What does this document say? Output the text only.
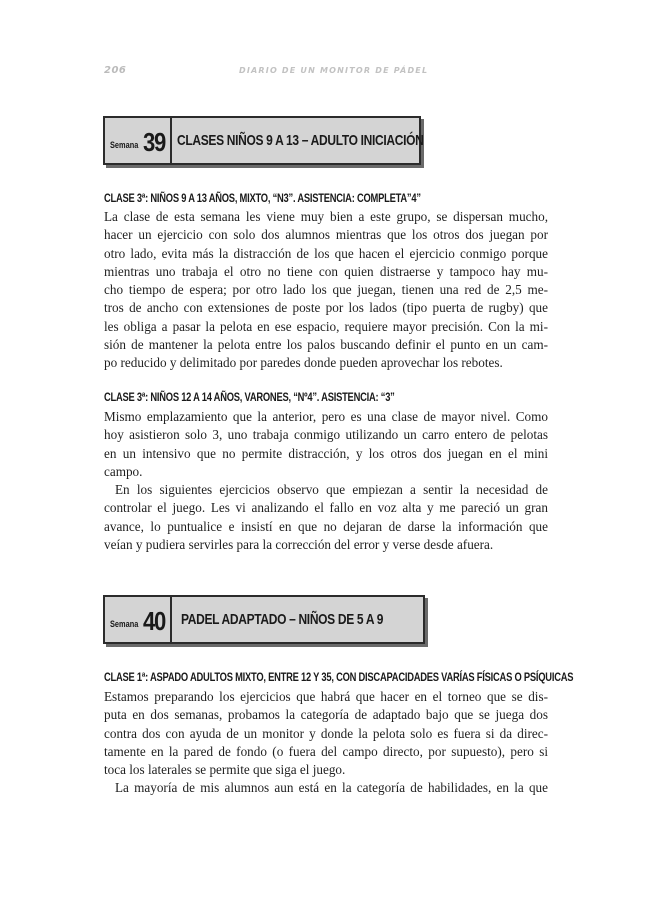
206	DIARIO DE UN MONITOR DE PÁDEL
Semana 39 CLASES NIÑOS 9 A 13 – ADULTO INICIACIÓN
CLASE 3ª: NIÑOS 9 A 13 AÑOS, MIXTO, “N3”. ASISTENCIA: COMPLETA”4”
La clase de esta semana les viene muy bien a este grupo, se dispersan mucho,
hacer un ejercicio con solo dos alumnos mientras que los otros dos juegan por
otro lado, evita más la distracción de los que hacen el ejercicio conmigo porque
mientras uno trabaja el otro no tiene con quien distraerse y tampoco hay mu-
cho tiempo de espera; por otro lado los que juegan, tienen una red de 2,5 me-
tros de ancho con extensiones de poste por los lados (tipo puerta de rugby) que
les obliga a pasar la pelota en ese espacio, requiere mayor precisión. Con la mi-
sión de mantener la pelota entre los palos buscando definir el punto en un cam-
po reducido y delimitado por paredes donde pueden aprovechar los rebotes.
CLASE 3ª: NIÑOS 12 A 14 AÑOS, VARONES, “Nº4”. ASISTENCIA: “3”
Mismo emplazamiento que la anterior, pero es una clase de mayor nivel. Como
hoy asistieron solo 3, uno trabaja conmigo utilizando un carro entero de pelotas
en un intensivo que no permite distracción, y los otros dos juegan en el mini
campo.
En los siguientes ejercicios observo que empiezan a sentir la necesidad de
controlar el juego. Les vi analizando el fallo en voz alta y me pareció un gran
avance, lo puntualice e insistí en que no dejaran de darse la información que
veían y pudiera servirles para la corrección del error y verse desde afuera.
Semana 40 PADEL ADAPTADO – NIÑOS DE 5 A 9
CLASE 1ª: ASPADO ADULTOS MIXTO, ENTRE 12 Y 35, CON DISCAPACIDADES VARÍAS FÍSICAS O PSÍQUICAS
Estamos preparando los ejercicios que habrá que hacer en el torneo que se dis-
puta en dos semanas, probamos la categoría de adaptado bajo que se juega dos
contra dos con ayuda de un monitor y donde la pelota solo es fuera si da direc-
tamente en la pared de fondo (o fuera del campo directo, por supuesto), pero si
toca los laterales se permite que siga el juego.
La mayoría de mis alumnos aun está en la categoría de habilidades, en la que
